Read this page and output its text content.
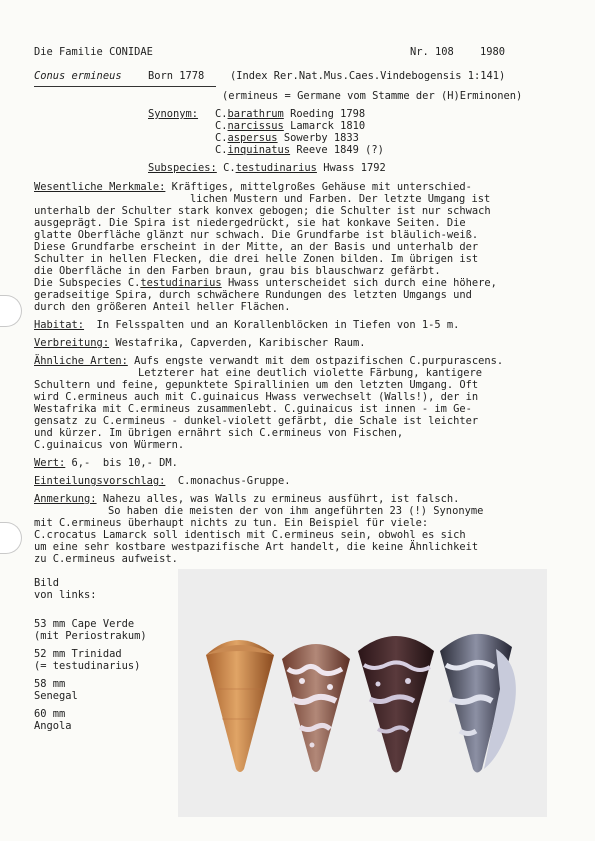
Die Familie CONIDAE	Nr. 108	1980
Conus ermineus	Born 1778 (Index Rer.Nat.Mus.Caes.Vindebogensis 1:141)
(ermineus = Germane vom Stamme der (H)Erminonen)
Synonym: C.barathrum Roeding 1798
C.narcissus Lamarck 1810
C.aspersus Sowerby 1833
C.inquinatus Reeve 1849 (?)
Subspecies: C.testudinarius Hwass 1792
Wesentliche Merkmale: Kräftiges, mittelgroßes Gehäuse mit unterschied-
lichen Mustern und Farben. Der letzte Umgang ist
unterhalb der Schulter stark konvex gebogen; die Schulter ist nur schwach
ausgeprägt. Die Spira ist niedergedrückt, sie hat konkave Seiten. Die
glatte Oberfläche glänzt nur schwach. Die Grundfarbe ist bläulich-weiß.
Diese Grundfarbe erscheint in der Mitte, an der Basis und unterhalb der
Schulter in hellen Flecken, die drei helle Zonen bilden. Im übrigen ist
die Oberfläche in den Farben braun, grau bis blauschwarz gefärbt.
Die Subspecies C.testudinarius Hwass unterscheidet sich durch eine höhere,
geradseitige Spira, durch schwächere Rundungen des letzten Umgangs und
durch den größeren Anteil heller Flächen.
Habitat:  In Felsspalten und an Korallenblöcken in Tiefen von 1-5 m.
Verbreitung: Westafrika, Capverden, Karibischer Raum.
Ähnliche Arten: Aufs engste verwandt mit dem ostpazifischen C.purpurascens.
Letzterer hat eine deutlich violette Färbung, kantigere
Schultern und feine, gepunktete Spirallinien um den letzten Umgang. Oft
wird C.ermineus auch mit C.guinaicus Hwass verwechselt (Walls!), der in
Westafrika mit C.ermineus zusammenlebt. C.guinaicus ist innen - im Ge-
gensatz zu C.ermineus - dunkel-violett gefärbt, die Schale ist leichter
und kürzer. Im übrigen ernährt sich C.ermineus von Fischen,
C.guinaicus von Würmern.
Wert: 6,-  bis 10,- DM.
Einteilungsvorschlag:  C.monachus-Gruppe.
Anmerkung: Nahezu alles, was Walls zu ermineus ausführt, ist falsch.
So haben die meisten der von ihm angeführten 23 (!) Synonyme
mit C.ermineus überhaupt nichts zu tun. Ein Beispiel für viele:
C.crocatus Lamarck soll identisch mit C.ermineus sein, obwohl es sich
um eine sehr kostbare westpazifische Art handelt, die keine Ähnlichkeit
zu C.ermineus aufweist.
Bild
von links:
53 mm Cape Verde
(mit Periostrakum)
52 mm Trinidad
(= testudinarius)
58 mm
Senegal
60 mm
Angola
